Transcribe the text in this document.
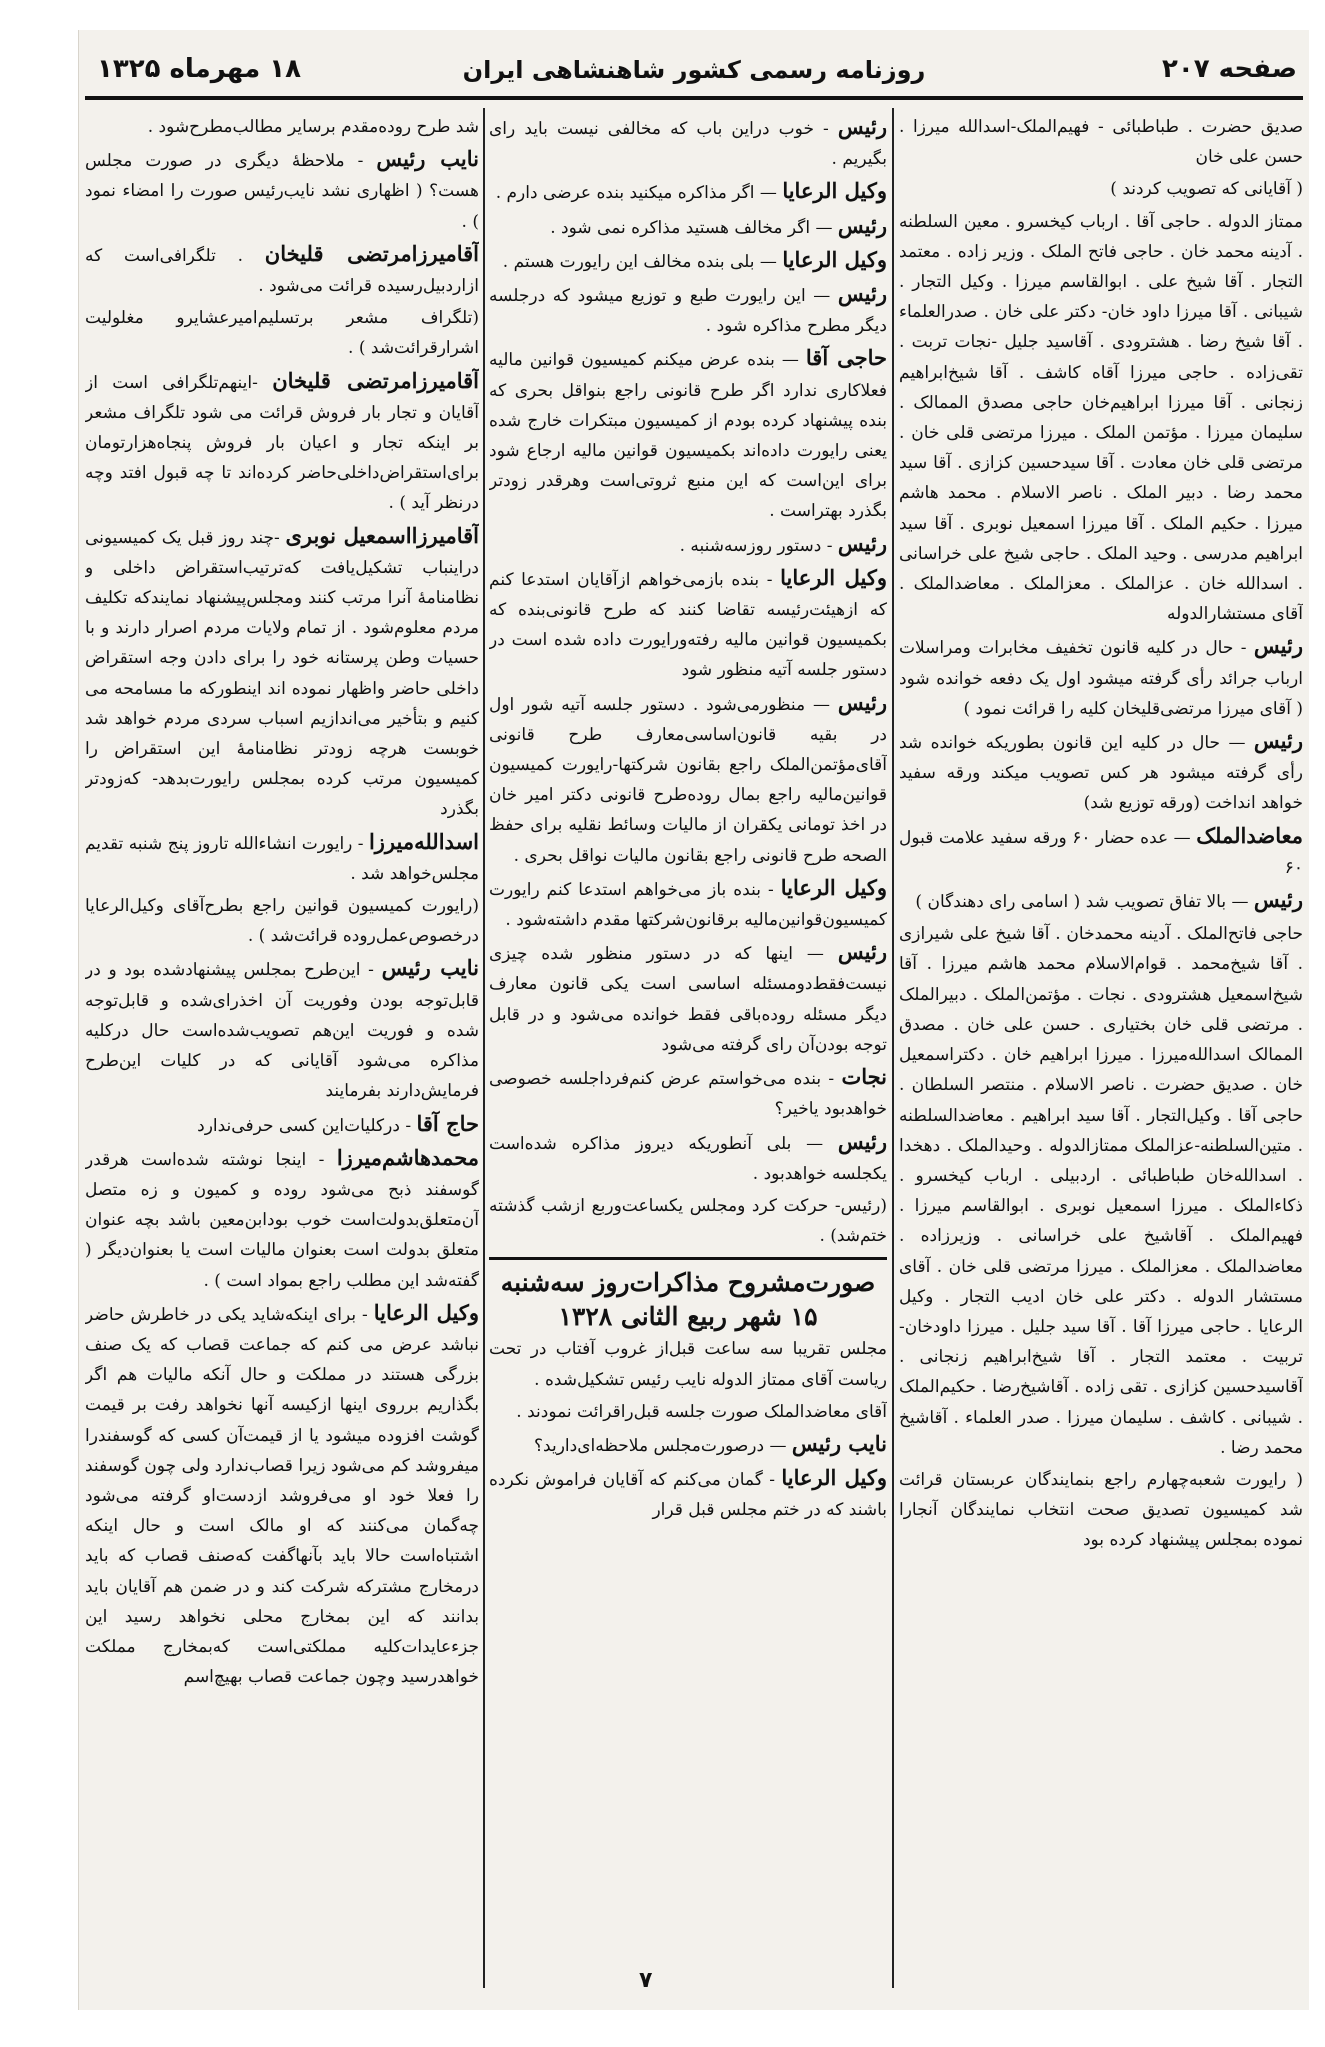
صفحه ۲۰۷
روزنامه رسمی کشور شاهنشاهی ایران
۱۸ مهرماه ۱۳۲۵

صدیق حضرت . طباطبائی - فهیم‌الملک-اسدالله میرزا . حسن علی خان

( آقایانی که تصویب کردند )

ممتاز الدوله . حاجی آقا . ارباب کیخسرو . معین السلطنه . آدینه محمد خان . حاجی فاتح الملک . وزیر زاده . معتمد التجار . آقا شیخ علی . ابوالقاسم میرزا . وکیل التجار . شیبانی . آقا میرزا داود خان- دکتر علی خان . صدرالعلماء . آقا شیخ رضا . هشترودی . آقاسید جلیل -نجات تربت . تقی‌زاده . حاجی میرزا آقاه کاشف . آقا شیخ‌ابراهیم زنجانی . آقا میرزا ابراهیم‌خان حاجی مصدق الممالک . سلیمان میرزا . مؤتمن الملک . میرزا مرتضی قلی خان . مرتضی قلی خان معادت . آقا سیدحسین کزازی . آقا سید محمد رضا . دبیر الملک . ناصر الاسلام . محمد هاشم میرزا . حکیم الملک . آقا میرزا اسمعیل نوبری . آقا سید ابراهیم مدرسی . وحید الملک . حاجی شیخ علی خراسانی . اسدالله خان . عزالملک . معزالملک . معاضدالملک . آقای مستشارالدوله

رئیس - حال در کلیه قانون تخفیف مخابرات ومراسلات ارباب جرائد رأی گرفته میشود اول یک دفعه خوانده شود ( آقای میرزا مرتضی‌قلیخان کلیه را قرائت نمود )

رئیس — حال در کلیه این قانون بطوریکه خوانده شد رأی گرفته میشود هر کس تصویب میکند ورقه سفید خواهد انداخت (ورقه توزیع شد)

معاضدالملک — عده حضار ۶۰ ورقه سفید علامت قبول ۶۰

رئیس — بالا تفاق تصویب شد ( اسامی رای دهندگان )

حاجی فاتح‌الملک . آدینه محمدخان . آقا شیخ علی شیرازی . آقا شیخ‌محمد . قوام‌الاسلام محمد هاشم میرزا . آقا شیخ‌اسمعیل هشترودی . نجات . مؤتمن‌الملک . دبیرالملک . مرتضی قلی خان بختیاری . حسن علی خان . مصدق الممالک اسدالله‌میرزا . میرزا ابراهیم خان . دکتراسمعیل خان . صدیق حضرت . ناصر الاسلام . منتصر السلطان . حاجی آقا . وکیل‌التجار . آقا سید ابراهیم . معاضدالسلطنه . متین‌السلطنه-عزالملک ممتازالدوله . وحیدالملک . دهخدا . اسدالله‌خان طباطبائی . اردبیلی . ارباب کیخسرو . ذکاءالملک . میرزا اسمعیل نوبری . ابوالقاسم میرزا . فهیم‌الملک . آقاشیخ علی خراسانی . وزیرزاده . معاضدالملک . معزالملک . میرزا مرتضی قلی خان . آقای مستشار الدوله . دکتر علی خان ادیب التجار . وکیل الرعایا . حاجی میرزا آقا . آقا سید جلیل . میرزا داودخان- تربیت . معتمد التجار . آقا شیخ‌ابراهیم زنجانی . آقاسیدحسین کزازی . تقی زاده . آقاشیخ‌رضا . حکیم‌الملک . شیبانی . کاشف . سلیمان میرزا . صدر العلماء . آقاشیخ محمد رضا .

( رایورت شعبه‌چهارم راجع بنمایندگان عربستان قرائت شد کمیسیون تصدیق صحت انتخاب نمایندگان آنجارا نموده بمجلس پیشنهاد کرده بود

رئیس - خوب دراین باب که مخالفی نیست باید رای بگیریم .

وکیل الرعایا — اگر مذاکره میکنید بنده عرضی دارم .

رئیس — اگر مخالف هستید مذاکره نمی شود .

وکیل الرعایا — بلی بنده مخالف این رایورت هستم .

رئیس — این رایورت طبع و توزیع میشود که درجلسه دیگر مطرح مذاکره شود .

حاجی آقا — بنده عرض میکنم کمیسیون قوانین مالیه‌ فعلاکاری ندارد اگر طرح قانونی راجع بنواقل بحری که بنده پیشنهاد کرده بودم از کمیسیون مبتکرات خارج شده یعنی رایورت داده‌اند بکمیسیون قوانین مالیه ارجاع شود برای این‌است که این‌ منبع‌ ثروتی‌است وهرقدر زودتر بگذرد بهتراست .

رئیس - دستور روزسه‌شنبه .

وکیل الرعایا - بنده بازمی‌خواهم ازآقایان استدعا کنم که ازهیئت‌رئیسه تقاضا کنند که طرح قانونی‌بنده که بکمیسیون قوانین مالیه رفته‌ورایورت داده شده است در دستور جلسه آتیه منظور شود

رئیس — منظورمی‌شود . دستور جلسه آتیه شور اول در بقیه قانون‌اساسی‌معارف طرح قانونی آقای‌مؤتمن‌الملک راجع بقانون شرکتها-رایورت کمیسیون قوانین‌مالیه راجع بمال روده‌طرح قانونی دکتر امیر خان در اخذ تومانی یکقران از مالیات وسائط نقلیه برای حفظ الصحه طرح قانونی راجع بقانون مالیات نواقل بحری .

وکیل الرعایا - بنده باز می‌خواهم استدعا کنم رایورت کمیسیون‌قوانین‌مالیه برقانون‌شرکتها مقدم داشته‌شود .

رئیس — اینها که در دستور منظور شده چیزی نیست‌فقط‌دومسئله اساسی است یکی قانون معارف دیگر مسئله روده‌باقی‌ فقط خوانده می‌شود و در قابل توجه بودن‌آن رای گرفته می‌شود

نجات - بنده می‌خواستم عرض کنم‌فردا‌جلسه خصوصی خواهدبود یاخیر؟

رئیس — بلی آنطوریکه دیروز مذاکره شده‌است یکجلسه خواهدبود .

(رئیس- حرکت کرد ومجلس یکساعت‌وربع ازشب گذشته ختم‌شد) .

صورت‌مشروح مذاکرات‌روز سه‌شنبه ۱۵ شهر ربیع الثانی ۱۳۲۸

مجلس تقریبا سه ساعت قبل‌از غروب آفتاب در تحت ریاست آقای ممتاز الدوله نایب رئیس تشکیل‌شده .

آقای معاضدالملک صورت جلسه قبل‌راقرائت نمودند .

نایب رئیس — درصورت‌مجلس ملاحظه‌ای‌دارید؟

وکیل الرعایا - گمان می‌کنم که آقایان فراموش نکرده باشند که در ختم مجلس قبل قرار

شد طرح روده‌مقدم برسایر مطالب‌مطرح‌شود .

نایب رئیس - ملاحظهٔ دیگری در صورت مجلس هست؟ ( اظهاری نشد نایب‌رئیس صورت را امضاء نمود ) .

آقامیرزامرتضی قلیخان . تلگرافی‌است که ازاردبیل‌رسیده قرائت می‌شود .

(تلگراف مشعر برتسلیم‌امیرعشایرو مغلولیت اشرارقرائت‌شد ) .

آقامیرزامرتضی قلیخان -اینهم‌تلگرافی است از آقایان و تجار بار فروش قرائت می شود تلگراف مشعر بر اینکه تجار و اعیان بار فروش پنجاه‌هزارتومان برای‌استقراض‌داخلی‌حاضر کرده‌اند تا چه قبول افتد وچه درنظر آید ) .

آقامیرزااسمعیل نوبری -چند روز قبل یک کمیسیونی دراینباب تشکیل‌یافت که‌ترتیب‌استقراض داخلی و نظامنامهٔ آنرا مرتب کنند ومجلس‌پیشنهاد نمایندکه تکلیف مردم معلوم‌شود . از تمام ولایات مردم اصرار دارند و با حسیات وطن پرستانه خود را برای دادن وجه استقراض داخلی حاضر واظهار نموده اند اینطورکه ما مسامحه می کنیم و بتأخیر می‌اندازیم اسباب سردی مردم خواهد شد خوبست هرچه زودتر نظامنامهٔ این استقراض را کمیسیون مرتب کرده بمجلس رایورت‌بدهد- که‌زودتر بگذرد

اسدالله‌میرزا - رایورت انشاءالله تاروز پنج شنبه تقدیم مجلس‌خواهد شد .

(رایورت کمیسیون قوانین راجع بطرح‌آقای وکیل‌الرعایا درخصوص‌عمل‌روده قرائت‌شد ) .

نایب رئیس - این‌طرح بمجلس پیشنهادشده بود و در قابل‌توجه بودن وفوریت آن اخذرای‌شده و قابل‌توجه شده و فوریت این‌هم تصویب‌شده‌است حال در‌کلیه مذاکره می‌شود آقایانی که در کلیات این‌طرح فرمایش‌دارند بفرمایند

حاج آقا - درکلیات‌این کسی حرفی‌ندارد

محمدهاشم‌میرزا - اینجا نوشته شده‌است هرقدر گوسفند ذبح می‌شود روده و کمیون و زه متصل آن‌متعلق‌بدولت‌است خوب بودابن‌معین باشد بچه عنوان متعلق بدولت است بعنوان مالیات است یا بعنوان‌دیگر ( گفته‌شد این مطلب راجع بمواد است ) .

وکیل الرعایا - برای اینکه‌شاید یکی در خاطرش حاضر نباشد عرض می کنم که جماعت قصاب که یک صنف بزرگی هستند در مملکت و حال آنکه مالیات هم اگر بگذاریم برروی اینها ازکیسه آنها نخواهد رفت بر قیمت گوشت افزوده میشود یا از قیمت‌آن کسی‌ که گوسفندرا میفروشد کم می‌شود زیرا قصاب‌ندارد ولی چون گوسفند را فعلا خود او می‌فروشد ازدست‌او گرفته می‌شود چه‌گمان می‌کنند که او مالک است و حال اینکه اشتباه‌است حالا باید بآنها‌گفت که‌صنف قصاب که باید درمخارج مشترکه شرکت کند و در ضمن هم آقایان باید بدانند که این بمخارج محلی نخواهد رسید این جزءعایدات‌کلیه مملکتی‌است که‌بمخارج مملکت خواهدرسید وچون جماعت قصاب بهیچ‌اسم

۷
